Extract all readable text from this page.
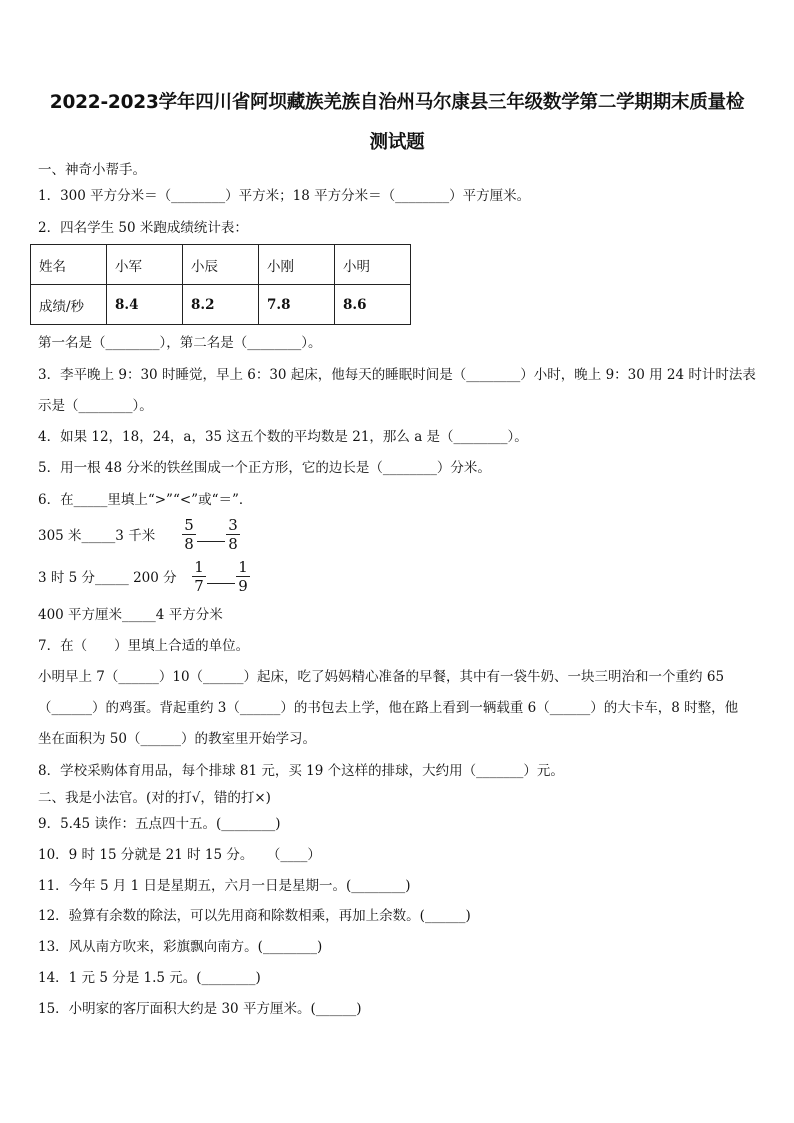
2022-2023学年四川省阿坝藏族羌族自治州马尔康县三年级数学第二学期期末质量检
测试题
一、神奇小帮手。
1．300 平方分米＝（________）平方米；18 平方分米＝（________）平方厘米。
2．四名学生 50 米跑成绩统计表：
姓名	小军	小辰	小刚	小明
成绩/秒	8.4	8.2	7.8	8.6
第一名是（________），第二名是（________）。
3．李平晚上 9：30 时睡觉，早上 6：30 起床，他每天的睡眠时间是（________）小时，晚上 9：30 用 24 时计时法表
示是（________）。
4．如果 12，18，24，a，35 这五个数的平均数是 21，那么 a 是（________）。
5．用一根 48 分米的铁丝围成一个正方形，它的边长是（________）分米。
6．在_____里填上“>”“<”或“＝”．
305 米_____3 千米
5
8
3
8
3 时 5 分_____ 200 分
1
7
1
9
400 平方厘米_____4 平方分米
7．在（　　）里填上合适的单位。
小明早上 7（______）10（______）起床，吃了妈妈精心准备的早餐，其中有一袋牛奶、一块三明治和一个重约 65
（______）的鸡蛋。背起重约 3（______）的书包去上学，他在路上看到一辆载重 6（______）的大卡车，8 时整，他
坐在面积为 50（______）的教室里开始学习。
8．学校采购体育用品，每个排球 81 元，买 19 个这样的排球，大约用（_______）元。
二、我是小法官。(对的打√，错的打×)
9．5.45 读作：五点四十五。(________)
10．9 时 15 分就是 21 时 15 分。　　（____）
11．今年 5 月 1 日是星期五，六月一日是星期一。(________)
12．验算有余数的除法，可以先用商和除数相乘，再加上余数。(______)
13．风从南方吹来，彩旗飘向南方。(________)
14．1 元 5 分是 1.5 元。(________)
15．小明家的客厅面积大约是 30 平方厘米。(______)
